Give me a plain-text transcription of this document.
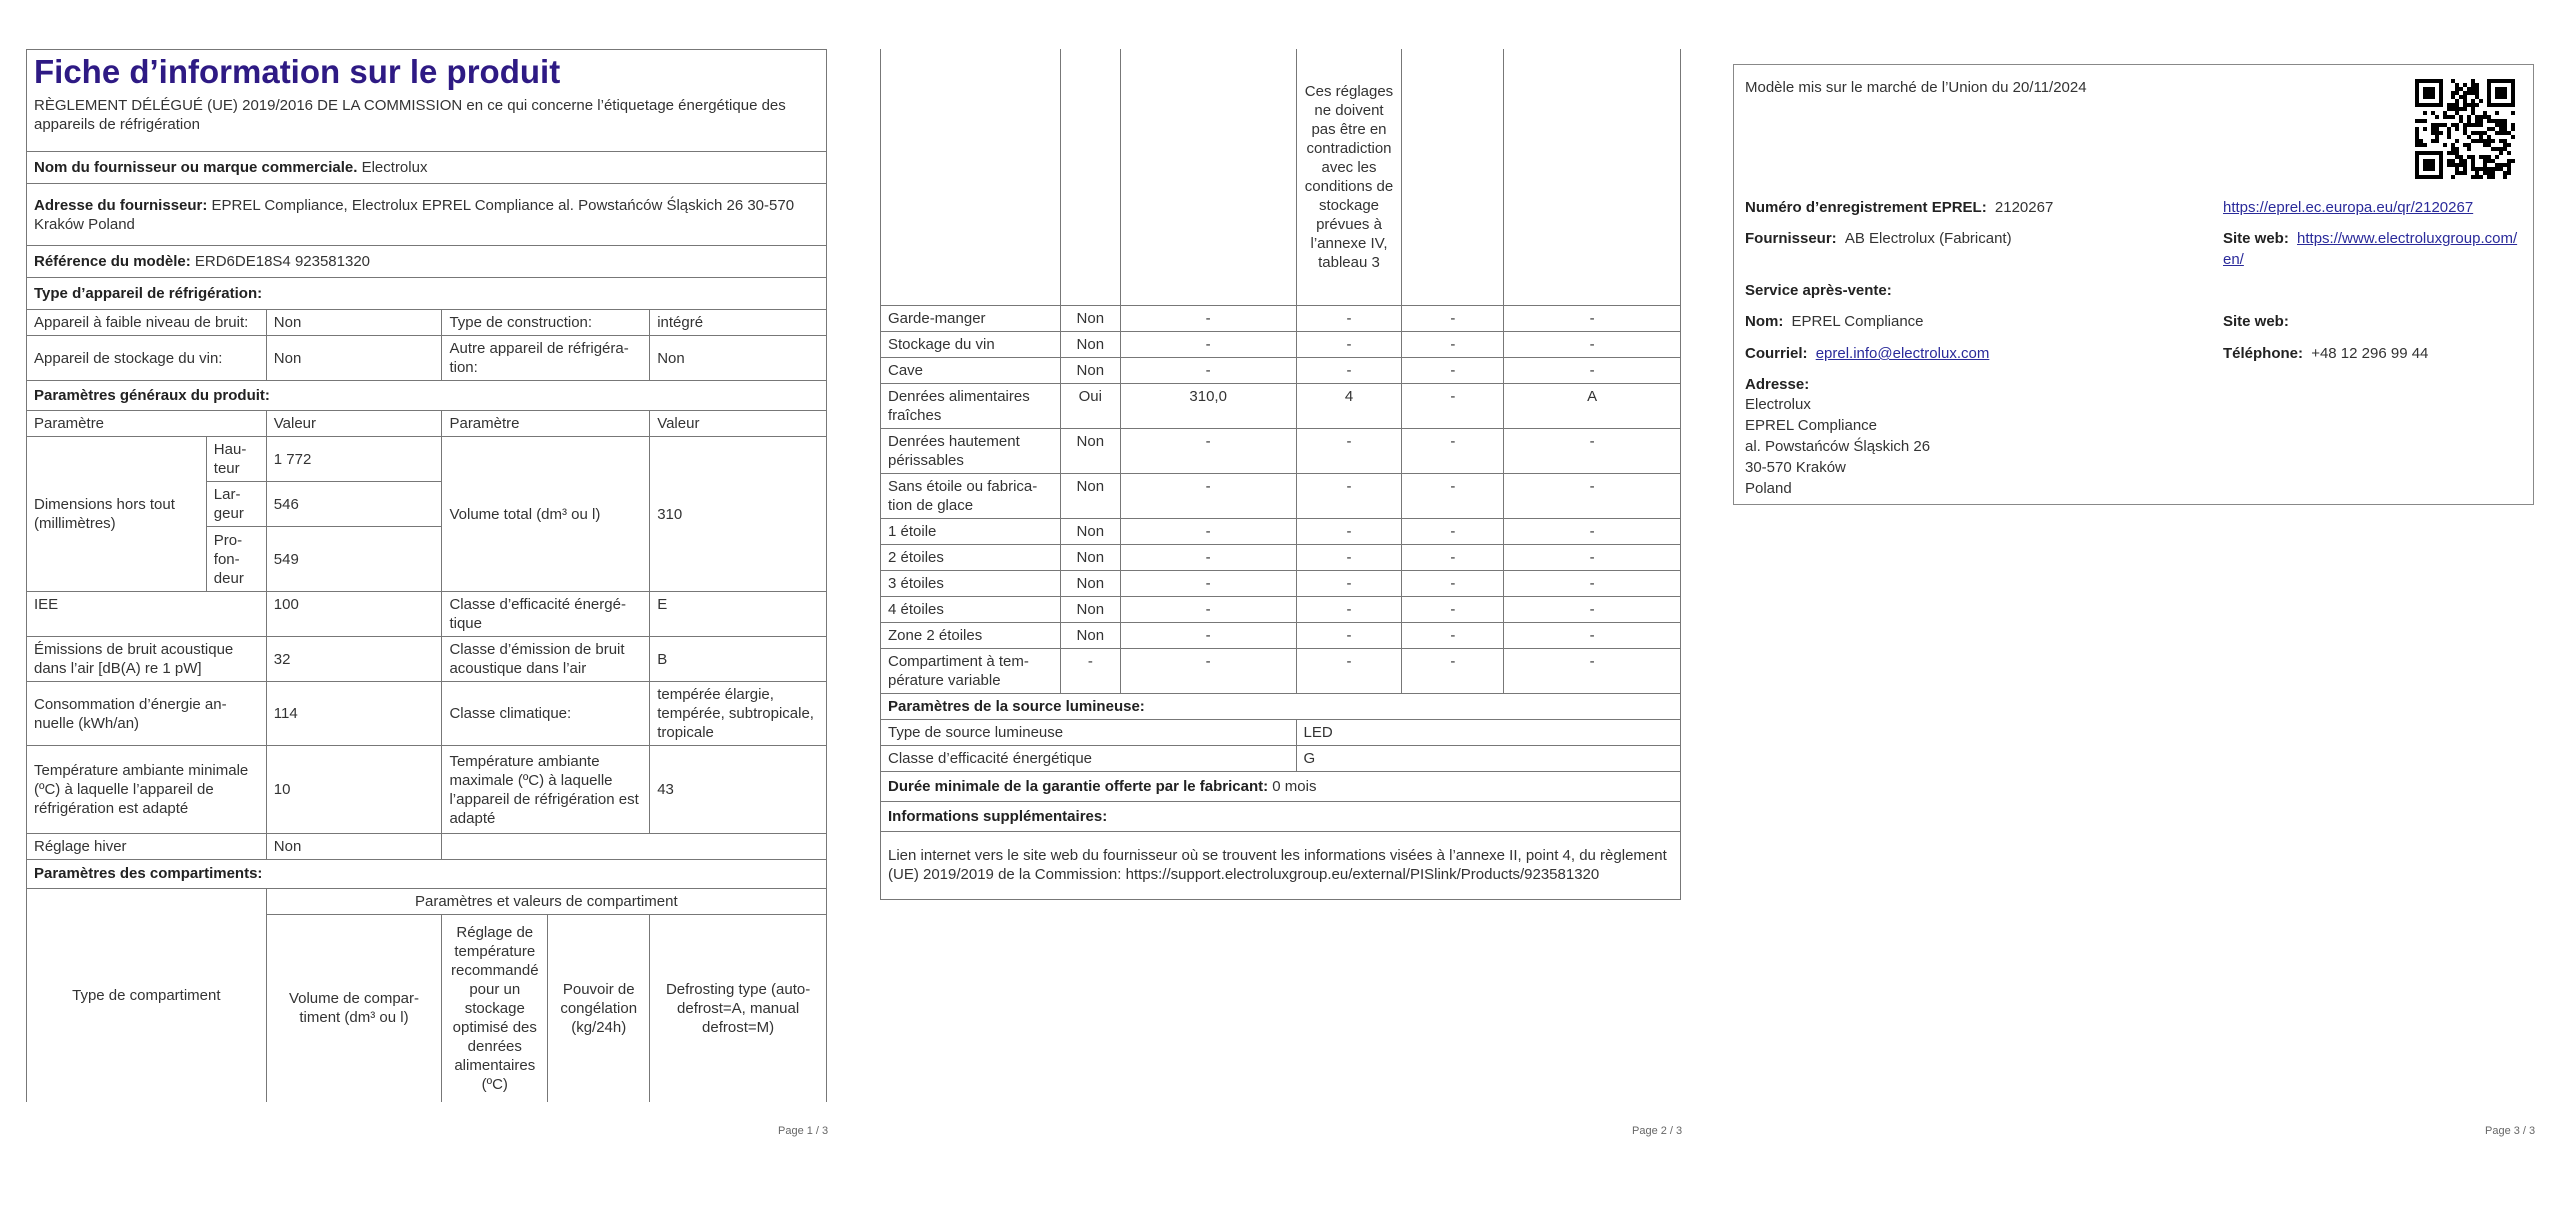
Fiche d’information sur le produit
RÈGLEMENT DÉLÉGUÉ (UE) 2019/2016 DE LA COMMISSION en ce qui concerne l’étiquetage énergétique des appareils de réfrigération				

Nom du fournisseur ou marque commerciale. Electrolux				
Adresse du fournisseur: EPREL Compliance, Electrolux EPREL Compliance al. Powstańców Śląskich 26 30-570 Kraków Poland				
Référence du modèle: ERD6DE18S4 923581320				
Type d’appareil de réfrigération:				
Appareil à faible niveau de bruit:		Non	Type de construction:	intégré
Appareil de stockage du vin:		Non	Autre appareil de réfrigération:	Non
Paramètres généraux du produit:				
Paramètre		Valeur	Paramètre	Valeur
Dimensions hors tout (millimètres)	Hauteur	1 772	Volume total (dm³ ou l)	310
	Largeur	546		
	Profondeur	549		
IEE		100	Classe d’efficacité énergétique	E
Émissions de bruit acoustique dans l’air [dB(A) re 1 pW]		32	Classe d’émission de bruit acoustique dans l’air	B
Consommation d’énergie annuelle (kWh/an)		114	Classe climatique:	tempérée élargie, tempérée, subtropicale, tropicale
Température ambiante minimale (ºC) à laquelle l’appareil de réfrigération est adapté		10	Température ambiante maximale (ºC) à laquelle l’appareil de réfrigération est adapté	43
Réglage hiver		Non		
Paramètres des compartiments:				
Type de compartiment	Paramètres et valeurs de compartiment			
	Volume de compartiment (dm³ ou l)	Réglage de température recommandé pour un stockage optimisé des denrées alimentaires (ºC)	Pouvoir de congélation (kg/24h)	Defrosting type (auto-defrost=A, manual defrost=M)
Page 1 / 3
			Ces réglages ne doivent pas être en contradiction avec les conditions de stockage prévues à l’annexe IV, tableau 3		
Garde-manger	Non	-	-	-	-
Stockage du vin	Non	-	-	-	-
Cave	Non	-	-	-	-
Denrées alimentaires fraîches	Oui	310,0	4	-	A
Denrées hautement périssables	Non	-	-	-	-
Sans étoile ou fabrication de glace	Non	-	-	-	-
1 étoile	Non	-	-	-	-
2 étoiles	Non	-	-	-	-
3 étoiles	Non	-	-	-	-
4 étoiles	Non	-	-	-	-
Zone 2 étoiles	Non	-	-	-	-
Compartiment à température variable	-	-	-	-	-
Paramètres de la source lumineuse:					
Type de source lumineuse			LED		
Classe d’efficacité énergétique			G		
Durée minimale de la garantie offerte par le fabricant: 0 mois					
Informations supplémentaires:					
Lien internet vers le site web du fournisseur où se trouvent les informations visées à l’annexe II, point 4, du règlement (UE) 2019/2019 de la Commission: https://support.electroluxgroup.eu/external/PISlink/Products/923581320					
Page 2 / 3
Modèle mis sur le marché de l’Union du 20/11/2024
Numéro d’enregistrement EPREL: 2120267	https://eprel.ec.europa.eu/qr/2120267
Fournisseur: AB Electrolux (Fabricant)	Site web: https://www.electroluxgroup.com/en/
Service après-vente:
Nom: EPREL Compliance	Site web:
Courriel: eprel.info@electrolux.com	Téléphone: +48 12 296 99 44
Adresse:
Electrolux
EPREL Compliance
al. Powstańców Śląskich 26
30-570 Kraków
Poland
Page 3 / 3
